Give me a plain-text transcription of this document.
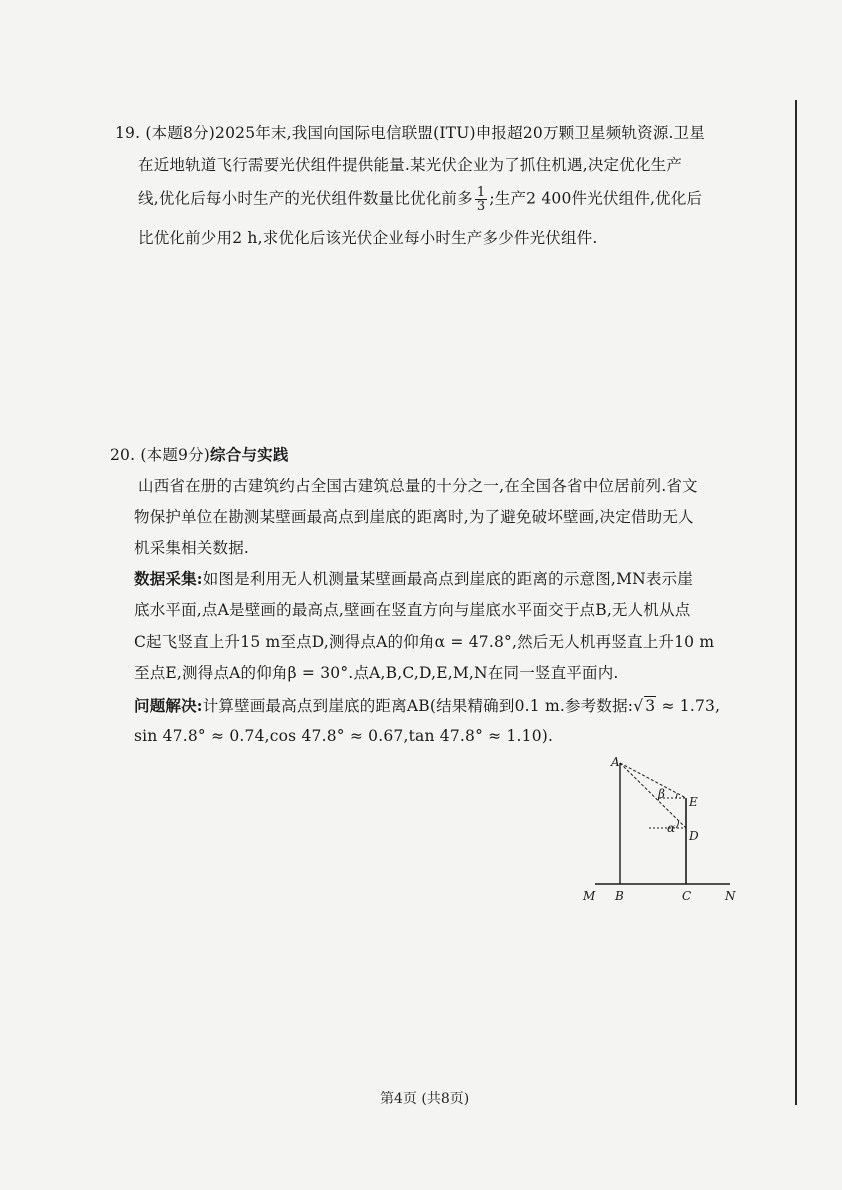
19. (本题8分)2025年末,我国向国际电信联盟(ITU)申报超20万颗卫星频轨资源.卫星
在近地轨道飞行需要光伏组件提供能量.某光伏企业为了抓住机遇,决定优化生产
线,优化后每小时生产的光伏组件数量比优化前多 $\frac{1}{3}$ ;生产2 400件光伏组件,优化后
比优化前少用2 h,求优化后该光伏企业每小时生产多少件光伏组件.
20. (本题9分)综合与实践
山西省在册的古建筑约占全国古建筑总量的十分之一,在全国各省中位居前列.省文
物保护单位在勘测某壁画最高点到崖底的距离时,为了避免破坏壁画,决定借助无人
机采集相关数据.
数据采集:如图是利用无人机测量某壁画最高点到崖底的距离的示意图,MN表示崖
底水平面,点A是壁画的最高点,壁画在竖直方向与崖底水平面交于点B,无人机从点
C起飞竖直上升15 m至点D,测得点A的仰角α = 47.8°,然后无人机再竖直上升10 m
至点E,测得点A的仰角β = 30°.点A,B,C,D,E,M,N在同一竖直平面内.
问题解决:计算壁画最高点到崖底的距离AB(结果精确到0.1 m.参考数据:√ 3 ≈ 1.73,
sin 47.8° ≈ 0.74,cos 47.8° ≈ 0.67,tan 47.8° ≈ 1.10).
A
B	C
D
E
M	N
α
β
第4页 (共8页)
